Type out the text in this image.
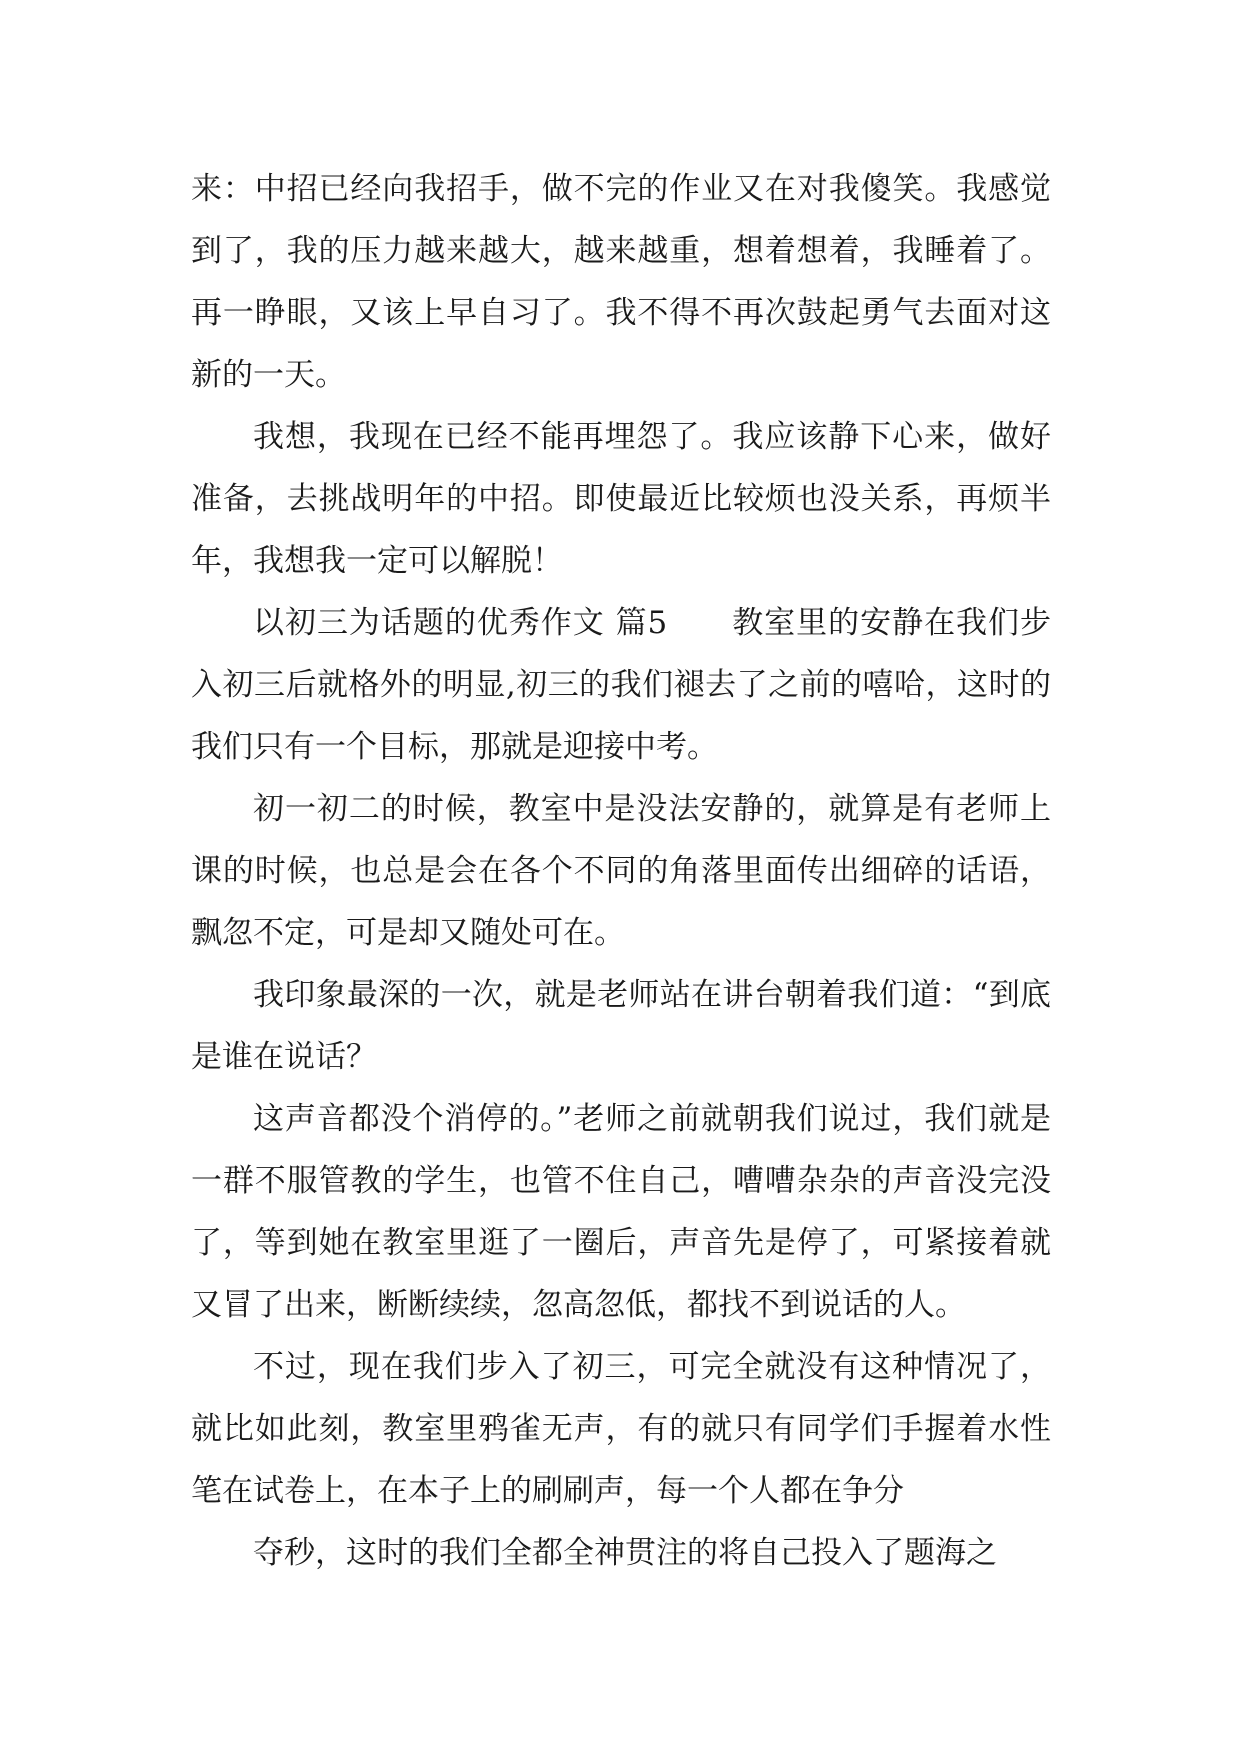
来：中招已经向我招手，做不完的作业又在对我傻笑。我感觉到了，我的压力越来越大，越来越重，想着想着，我睡着了。再一睁眼，又该上早自习了。我不得不再次鼓起勇气去面对这新的一天。

我想，我现在已经不能再埋怨了。我应该静下心来，做好准备，去挑战明年的中招。即使最近比较烦也没关系，再烦半年，我想我一定可以解脱！

以初三为话题的优秀作文 篇5　　教室里的安静在我们步入初三后就格外的明显,初三的我们褪去了之前的嘻哈，这时的我们只有一个目标，那就是迎接中考。

初一初二的时候，教室中是没法安静的，就算是有老师上课的时候，也总是会在各个不同的角落里面传出细碎的话语，飘忽不定，可是却又随处可在。

我印象最深的一次，就是老师站在讲台朝着我们道：“到底是谁在说话？

这声音都没个消停的。”老师之前就朝我们说过，我们就是一群不服管教的学生，也管不住自己，嘈嘈杂杂的声音没完没了，等到她在教室里逛了一圈后，声音先是停了，可紧接着就又冒了出来，断断续续，忽高忽低，都找不到说话的人。

不过，现在我们步入了初三，可完全就没有这种情况了，就比如此刻，教室里鸦雀无声，有的就只有同学们手握着水性笔在试卷上，在本子上的刷刷声，每一个人都在争分

夺秒，这时的我们全都全神贯注的将自己投入了题海之
